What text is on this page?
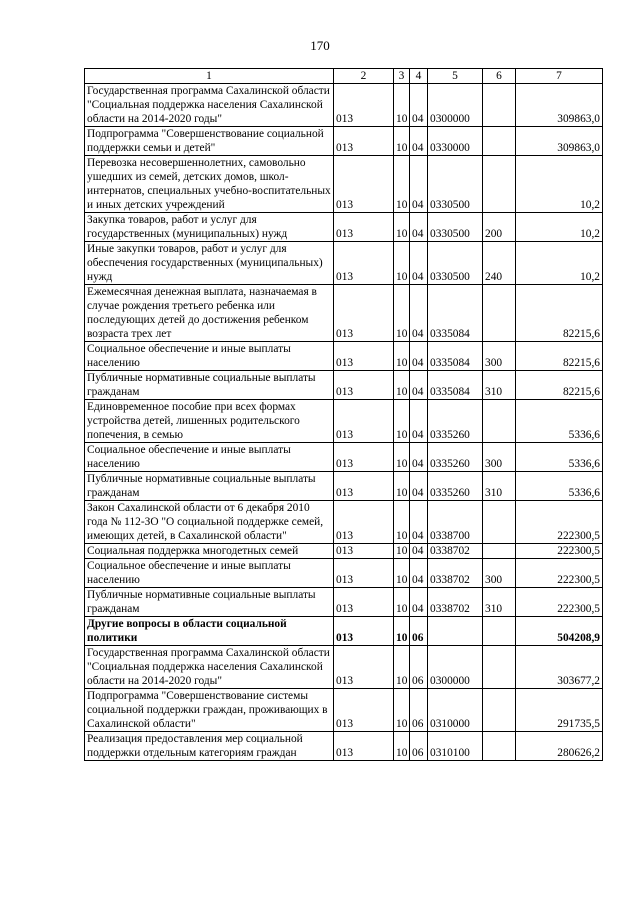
170
1	2	3	4	5	6	7
Государственная программа Сахалинской области "Социальная поддержка населения Сахалинской области на 2014-2020 годы"	013	10	04	0300000		309863,0
Подпрограмма "Совершенствование социальной поддержки семьи и детей"	013	10	04	0330000		309863,0
Перевозка несовершеннолетних, самовольно ушедших из семей, детских домов, школ-интернатов, специальных учебно-воспитательных и иных детских учреждений	013	10	04	0330500		10,2
Закупка товаров, работ и услуг для государственных (муниципальных) нужд	013	10	04	0330500	200	10,2
Иные закупки товаров, работ и услуг для обеспечения государственных (муниципальных) нужд	013	10	04	0330500	240	10,2
Ежемесячная денежная выплата, назначаемая в случае рождения третьего ребенка или последующих детей до достижения ребенком возраста трех лет	013	10	04	0335084		82215,6
Социальное обеспечение и иные выплаты населению	013	10	04	0335084	300	82215,6
Публичные нормативные социальные выплаты гражданам	013	10	04	0335084	310	82215,6
Единовременное пособие при всех формах устройства детей, лишенных родительского попечения, в семью	013	10	04	0335260		5336,6
Социальное обеспечение и иные выплаты населению	013	10	04	0335260	300	5336,6
Публичные нормативные социальные выплаты гражданам	013	10	04	0335260	310	5336,6
Закон Сахалинской области от 6 декабря 2010 года № 112-ЗО "О социальной поддержке семей, имеющих детей, в Сахалинской области"	013	10	04	0338700		222300,5
Социальная поддержка многодетных семей	013	10	04	0338702		222300,5
Социальное обеспечение и иные выплаты населению	013	10	04	0338702	300	222300,5
Публичные нормативные социальные выплаты гражданам	013	10	04	0338702	310	222300,5
Другие вопросы в области социальной политики	013	10	06			504208,9
Государственная программа Сахалинской области "Социальная поддержка населения Сахалинской области на 2014-2020 годы"	013	10	06	0300000		303677,2
Подпрограмма "Совершенствование системы социальной поддержки граждан, проживающих в Сахалинской области"	013	10	06	0310000		291735,5
Реализация предоставления мер социальной поддержки отдельным категориям граждан	013	10	06	0310100		280626,2
